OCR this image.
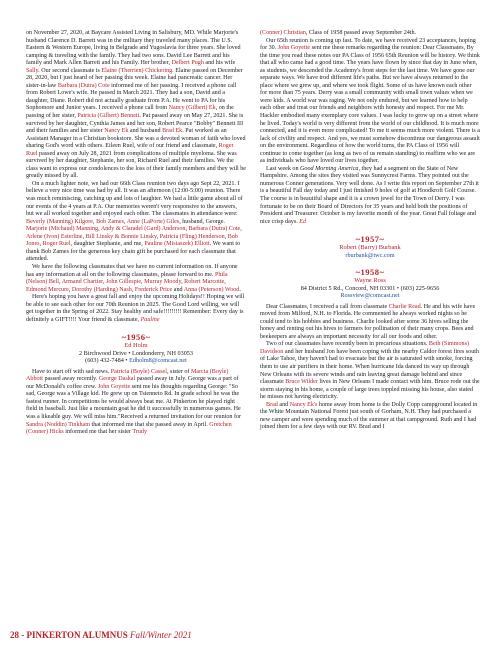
on November 27, 2020, at Baycare Assisted Living in Salisbury, MD. While Marjorie's husband Clarence D. Barrett was in the military they traveled many places. The U.S. Eastern & Western Europe, living in Belgrade and Yugoslavia for three years. She loved camping & traveling with the family. They had two sons. David Lee Barrett and his family and Mark Allen Barrett and his Family. Her brother, Delbert Pugh and his wife Sally. Our second classmate is Elaine (Therrien) Chickering. Elaine passed on December 28, 2020, but I just heard of her passing this week. Elaine had pancreatic cancer. Her sister-in-law Barbara (Dutra) Cote informed me of her passing. I received a phone call from Robert Lowe's wife. He passed in March 2021. They had a son, David and a daughter, Diane. Robert did not actually graduate from P.A. He went to PA for his Sophomore and Junior years. I received a phone call from Nancy (Gilbert) Ek, on the passing of her sister, Patricia (Gilbert) Bennett. Pat passed away on May 27, 2021. She is survived by her daughter, Cynthia James and her son, Robert Pearce "Bobby" Bennett III and their families and her sister Nancy Ek and husband Brad Ek. Pat worked as an Assistant Manager in a Christian bookstore. She was a devoted woman of faith who loved sharing God's word with others. Eileen Ruel, wife of our friend and classmate, Roger Ruel passed away on July 28, 2021 from complications of multiple myeloma. She was survived by her daughter, Stephanie, her son, Richard Ruel and their families. We the class want to express our condolences to the loss of their family members and they will be greatly missed by all.

On a much lighter note, we had our 66th Class reunion two days ago Sept 22, 2021. I believe a very nice time was had by all. It was an afternoon (12:00-5:00) reunion. There was much reminiscing, catching up and lots of laughter. We had a little game about all of our events of the 4 years at P.A. Our memories weren't very responsive to the answers, but we all worked together and enjoyed each other. The classmates in attendance were: Beverly (Manning) Kilgore, Bob Zames, Anne (LaPorte) Giles, husband, George. Marjorie (Michaud) Manning, Andy & Claradel (Gard) Anderson, Barbara (Dutra) Cote, Arlene (Ivon) Esterline, Bill Linsky & Bonnie Linsky, Patricia (Fling) Henderson, Bob Jones, Roger Ruel, daughter Stephanie, and me, Pauline (Misiaszek) Elliott. We want to thank Bob Zames for the generous key chain gift he purchased for each classmate that attended.

We have the following classmates that we have no current information on. If anyone has any information at all on the following classmates, please forward to me. Phila (Nelson) Bell, Armand Chartier, John Gillespie, Murray Moody, Robert Marcotte, Edmond Mercure, Dorothy (Harding) Nash, Frederick Price and Anna (Peterson) Wood.

Here's hoping you have a great fall and enjoy the upcoming Holidays!! Hoping we will be able to see each other for our 70th Reunion in 2025. The Good Lord willing, we will get together in the Spring of 2022. Stay healthy and safe!!!!!!!!! Remember: Every day is definitely a GIFT!!!! Your friend & classmate, Pauline

~1956~
Ed Holm
2 Birchwood Drive • Londonderry, NH 03053
(603) 432-7484 • Edholm8@comcast.net

Have to start off with sad news. Patricia (Boyle) Cassel, sister of Marcia (Boyle) Abbott passed away recently. George Daskal passed away in July. George was a part of our McDonald's coffee crew. John Goyette sent me his thoughts regarding George: "So sad, George was a Village kid. He grew up on Tsienneto Rd. In grade school he was the fastest runner. In competitions he would always beat me. At Pinkerton he played right field in baseball. Just like a mountain goat he did it successfully in numerous games. He was a likeable guy. We will miss him."Received a returned invitation for our reunion for Sandra (Noddin) Tinkham that informed me that she passed away in April. Gretchen (Conner) Hicks informed me that her sister Trudy

(Conner) Christian, Class of 1958 passed away September 24th.

Our 65th reunion is coming up fast. To date, we have received 23 acceptances, hoping for 30. John Goyette sent me these remarks regarding the reunion: Dear Classmates, By the time you read these notes our PA Class of 1956 65th Reunion will be history. We think that all who came had a good time. The years have flown by since that day in June when, as students, we descended the Academy's front steps for the last time. We have gone our separate ways. We have trod different life's paths. But we have always returned to the place where we grew up, and where we took flight. Some of us have known each other for more than 75 years. Derry was a small community with small town values when we were kids. A world war was raging. We not only endured, but we learned how to help each other and treat our friends and neighbors with honesty and respect. For me Mr. Hackler embodied many exemplary core values. I was lucky to grow up on a street where he lived. Today's world is very different from the world of our childhood. It is much more connected, and it is even more complicated! To me it seems much more violent. There is a lack of civility and respect. And yes, we must somehow discontinue our dangerous assault on the environment. Regardless of how the world turns, the PA Class of 1956 will continue to come together (as long as two of us remain standing) to reaffirm who we are as individuals who have loved our lives together.

Last week on Good Morning America, they had a segment on the State of New Hampshire. Among the sites they visited was Sunnycrest Farms. They pointed out the numerous Conner generations. Very well done. As I write this report on September 27th it is a beautiful Fall day today and I just finished 9 holes of golf at Hoodkroft Golf Course. The course is in beautiful shape and it is a crown jewel for the Town of Derry. I was fortunate to be on their Board of Directors for 35 years and held both the positions of President and Treasurer. October is my favorite month of the year. Great Fall foliage and nice crisp days. Ed

~1957~
Robert (Barry) Burbank
rburbank@twc.com
~1958~
Wayne Ross
84 District 5 Rd., Concord, NH 03301 • (603) 225-9656
Rossview@comcast.net

Dear Classmates, I received a call from classmate Charlie Read. He and his wife have moved from Milford, N.H. to Florida. He commented he always worked nights so he could tend to his hobbies and business. Charlie looked after some 36 hives selling the honey and renting out his hives to farmers for pollination of their many crops. Bees and beekeepers are always an important necessity for all our foods and other.

Two of our classmates have recently been in precarious situations. Beth (Simmons) Davidson and her husband Jon have been coping with the nearby Caldor forest fires south of Lake Tahoe, they haven't had to evacuate but the air is saturated with smoke, forcing them to use air purifiers in their home. When hurricane Ida danced its way up through New Orleans with its severe winds and rain leaving great damage behind and since classmate Bruce Wilder lives in New Orleans I made contact with him. Bruce rode out the storm staying in his home, a couple of large trees toppled missing his house, also stated he misses not having electricity.

Brad and Nancy Ek's home away from home is the Dolly Copp campground located in the White Mountain National Forest just south of Gorham, N.H. They had purchased a new camper and were spending much of the summer at that campground. Ruth and I had joined them for a few days with our RV. Brad and I

28 - PINKERTON ALUMNUS Fall/Winter 2021
